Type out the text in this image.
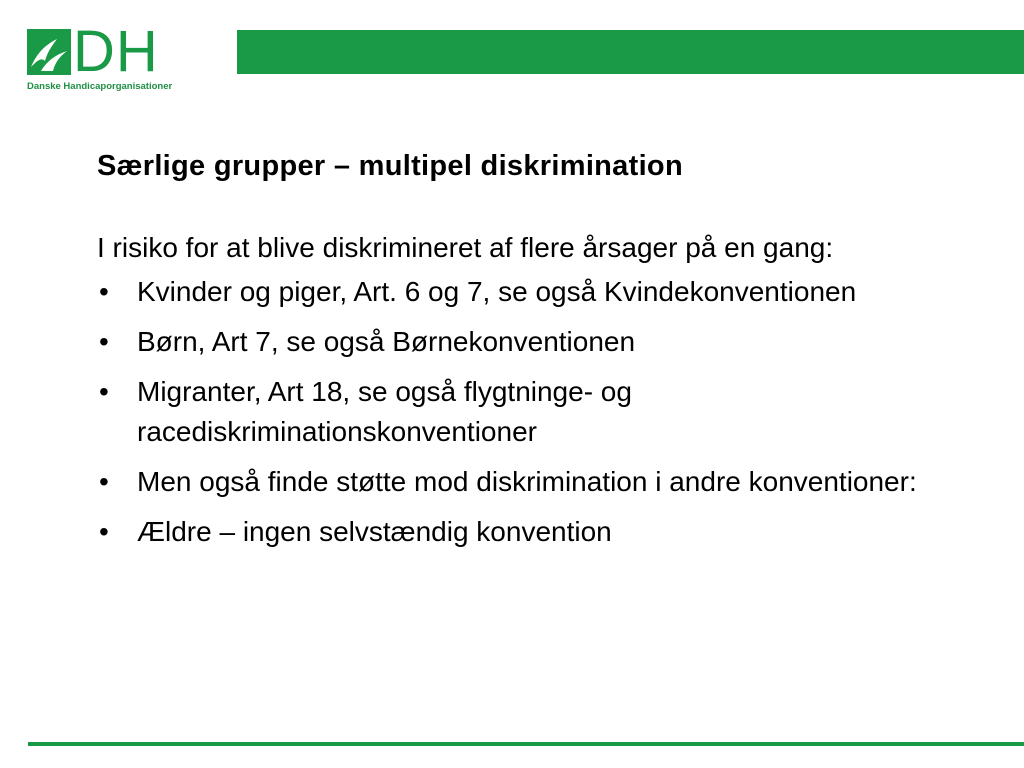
DH
Danske Handicaporganisationer
Særlige grupper – multipel diskrimination

I risiko for at blive diskrimineret af flere årsager på en gang:

•	Kvinder og piger, Art. 6 og 7, se også Kvindekonventionen
•	Børn, Art 7, se også Børnekonventionen
•	Migranter, Art 18, se også flygtninge- og racediskriminationskonventioner
•	Men også finde støtte mod diskrimination i andre konventioner:
•	Ældre – ingen selvstændig konvention
